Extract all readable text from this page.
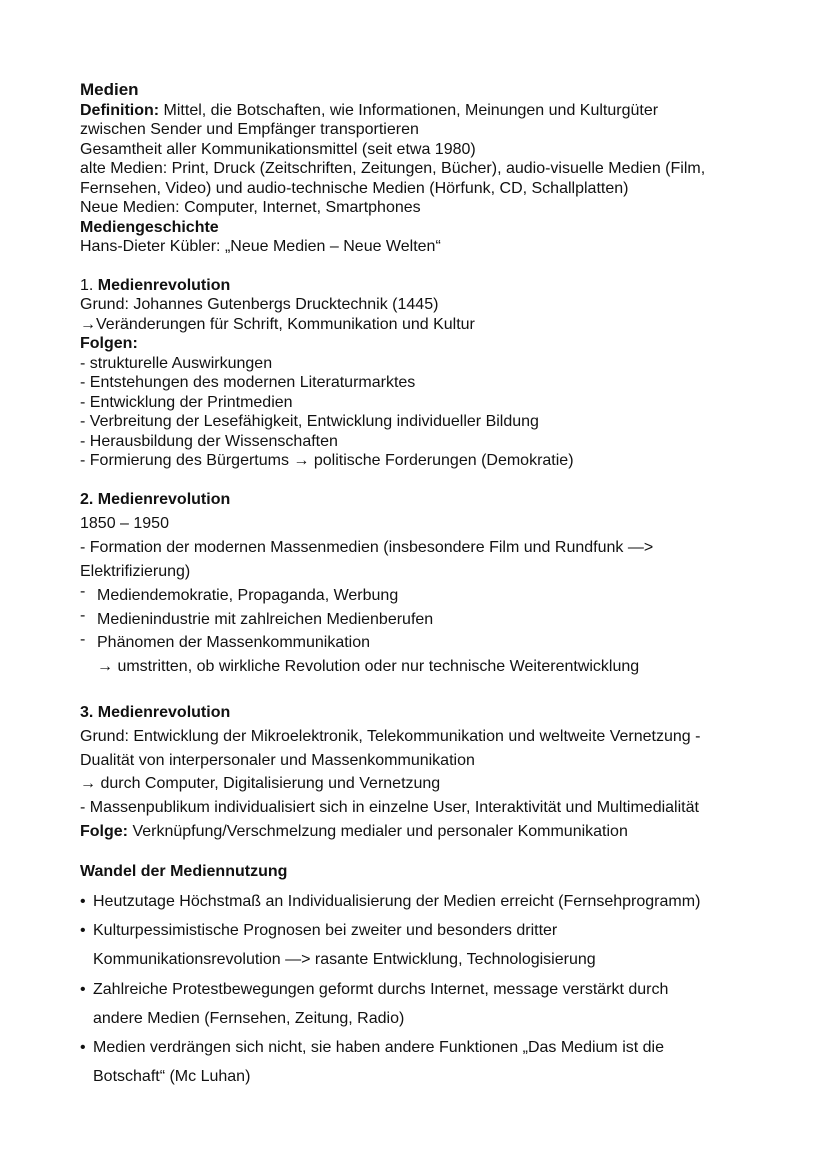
Medien
Definition: Mittel, die Botschaften, wie Informationen, Meinungen und Kulturgüter
zwischen Sender und Empfänger transportieren
Gesamtheit aller Kommunikationsmittel (seit etwa 1980)
alte Medien: Print, Druck (Zeitschriften, Zeitungen, Bücher), audio-visuelle Medien (Film,
Fernsehen, Video) und audio-technische Medien (Hörfunk, CD, Schallplatten)
Neue Medien: Computer, Internet, Smartphones
Mediengeschichte
Hans-Dieter Kübler: „Neue Medien – Neue Welten“
1. Medienrevolution
Grund: Johannes Gutenbergs Drucktechnik (1445)
→Veränderungen für Schrift, Kommunikation und Kultur
Folgen:
- strukturelle Auswirkungen
- Entstehungen des modernen Literaturmarktes
- Entwicklung der Printmedien
- Verbreitung der Lesefähigkeit, Entwicklung individueller Bildung
- Herausbildung der Wissenschaften
- Formierung des Bürgertums → politische Forderungen (Demokratie)
2. Medienrevolution
1850 – 1950
- Formation der modernen Massenmedien (insbesondere Film und Rundfunk —>
Elektrifizierung)
- Mediendemokratie, Propaganda, Werbung
- Medienindustrie mit zahlreichen Medienberufen
- Phänomen der Massenkommunikation
→ umstritten, ob wirkliche Revolution oder nur technische Weiterentwicklung
3. Medienrevolution
Grund: Entwicklung der Mikroelektronik, Telekommunikation und weltweite Vernetzung -
Dualität von interpersonaler und Massenkommunikation
→ durch Computer, Digitalisierung und Vernetzung
- Massenpublikum individualisiert sich in einzelne User, Interaktivität und Multimedialität
Folge: Verknüpfung/Verschmelzung medialer und personaler Kommunikation
Wandel der Mediennutzung
• Heutzutage Höchstmaß an Individualisierung der Medien erreicht (Fernsehprogramm)
• Kulturpessimistische Prognosen bei zweiter und besonders dritter
Kommunikationsrevolution —> rasante Entwicklung, Technologisierung
• Zahlreiche Protestbewegungen geformt durchs Internet, message verstärkt durch
andere Medien (Fernsehen, Zeitung, Radio)
• Medien verdrängen sich nicht, sie haben andere Funktionen „Das Medium ist die
Botschaft“ (Mc Luhan)
